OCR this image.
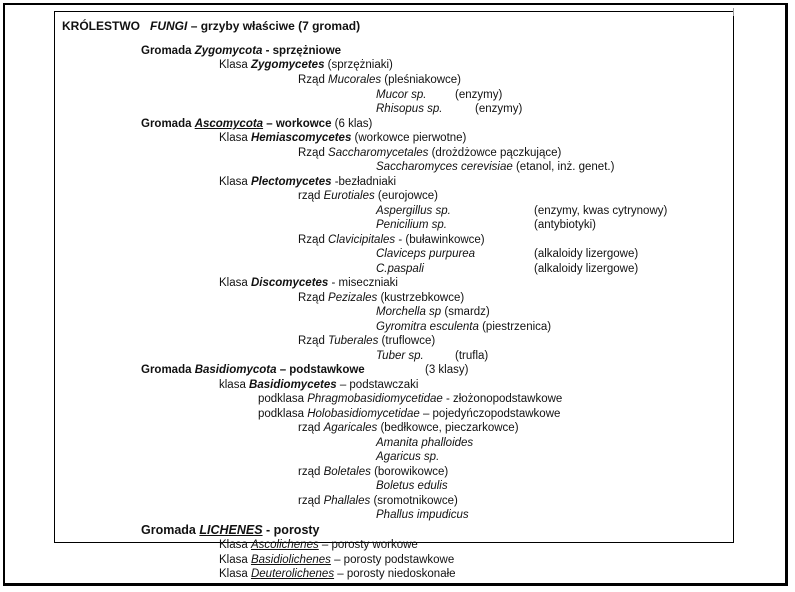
KRÓLESTWO FUNGI – grzyby właściwe (7 gromad)
Gromada Zygomycota - sprzężniowe
Klasa Zygomycetes (sprzężniaki)
Rząd Mucorales (pleśniakowce)
Mucor sp. (enzymy)
Rhisopus sp.	(enzymy)
Gromada Ascomycota – workowce (6 klas)
Klasa Hemiascomycetes (workowce pierwotne)
Rząd Saccharomycetales (drożdżowce pączkujące)
Saccharomyces cerevisiae (etanol, inż. genet.)
Klasa Plectomycetes -bezładniaki
rząd Eurotiales (eurojowce)
Aspergillus sp.	(enzymy, kwas cytrynowy)
Penicilium sp.	(antybiotyki)
Rząd Clavicipitales - (buławinkowce)
Claviceps purpurea	(alkaloidy lizergowe)
C.paspali	(alkaloidy lizergowe)
Klasa Discomycetes - miseczniaki
Rząd Pezizales (kustrzebkowce)
Morchella sp (smardz)
Gyromitra esculenta (piestrzenica)
Rząd Tuberales (truflowce)
Tuber sp.	(trufla)
Gromada Basidiomycota – podstawkowe	(3 klasy)
klasa Basidiomycetes – podstawczaki
podklasa Phragmobasidiomycetidae - złożonopodstawkowe
podklasa Holobasidiomycetidae – pojedyńczopodstawkowe
rząd Agaricales (bedłkowce, pieczarkowce)
Amanita phalloides
Agaricus sp.
rząd Boletales (borowikowce)
Boletus edulis
rząd Phallales (sromotnikowce)
Phallus impudicus
Gromada LICHENES - porosty
Klasa Ascolichenes – porosty workowe
Klasa Basidiolichenes – porosty podstawkowe
Klasa Deuterolichenes – porosty niedoskonałe
